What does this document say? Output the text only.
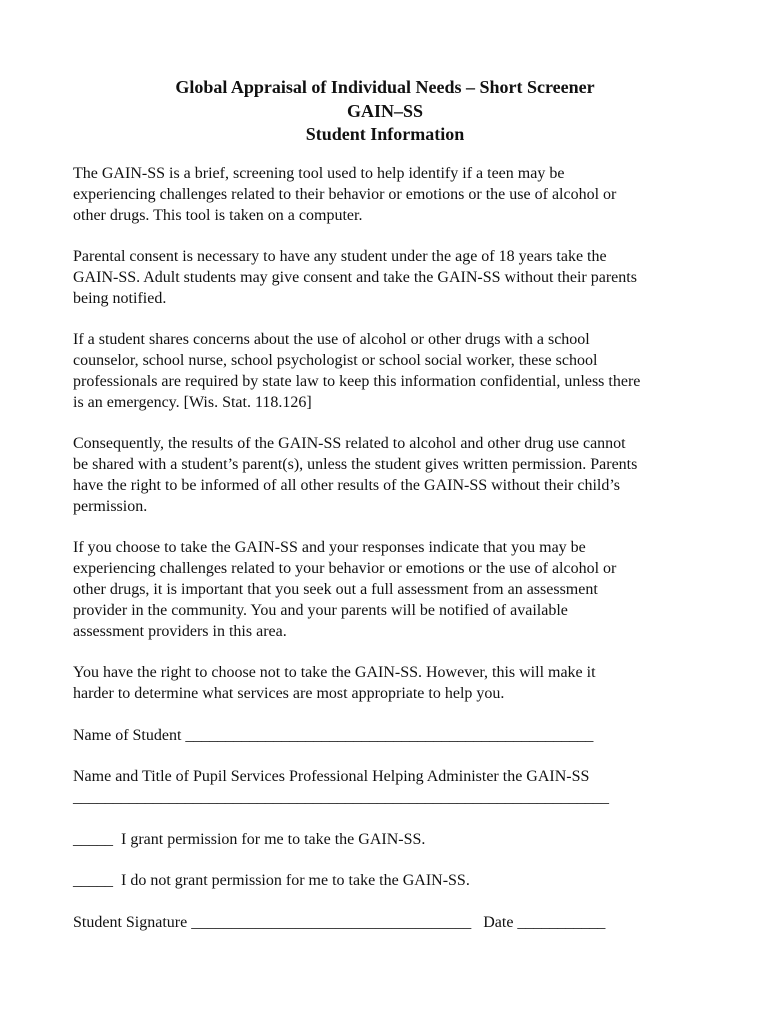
Global Appraisal of Individual Needs – Short Screener
GAIN–SS
Student Information

The GAIN-SS is a brief, screening tool used to help identify if a teen may be
experiencing challenges related to their behavior or emotions or the use of alcohol or
other drugs. This tool is taken on a computer.

Parental consent is necessary to have any student under the age of 18 years take the
GAIN-SS. Adult students may give consent and take the GAIN-SS without their parents
being notified.

If a student shares concerns about the use of alcohol or other drugs with a school
counselor, school nurse, school psychologist or school social worker, these school
professionals are required by state law to keep this information confidential, unless there
is an emergency. [Wis. Stat. 118.126]

Consequently, the results of the GAIN-SS related to alcohol and other drug use cannot
be shared with a student’s parent(s), unless the student gives written permission. Parents
have the right to be informed of all other results of the GAIN-SS without their child’s
permission.

If you choose to take the GAIN-SS and your responses indicate that you may be
experiencing challenges related to your behavior or emotions or the use of alcohol or
other drugs, it is important that you seek out a full assessment from an assessment
provider in the community. You and your parents will be notified of available
assessment providers in this area.

You have the right to choose not to take the GAIN-SS. However, this will make it
harder to determine what services are most appropriate to help you.

Name of Student ___________________________________________________

Name and Title of Pupil Services Professional Helping Administer the GAIN-SS
___________________________________________________________________

_____ I grant permission for me to take the GAIN-SS.

_____ I do not grant permission for me to take the GAIN-SS.

Student Signature ___________________________________ Date ___________
